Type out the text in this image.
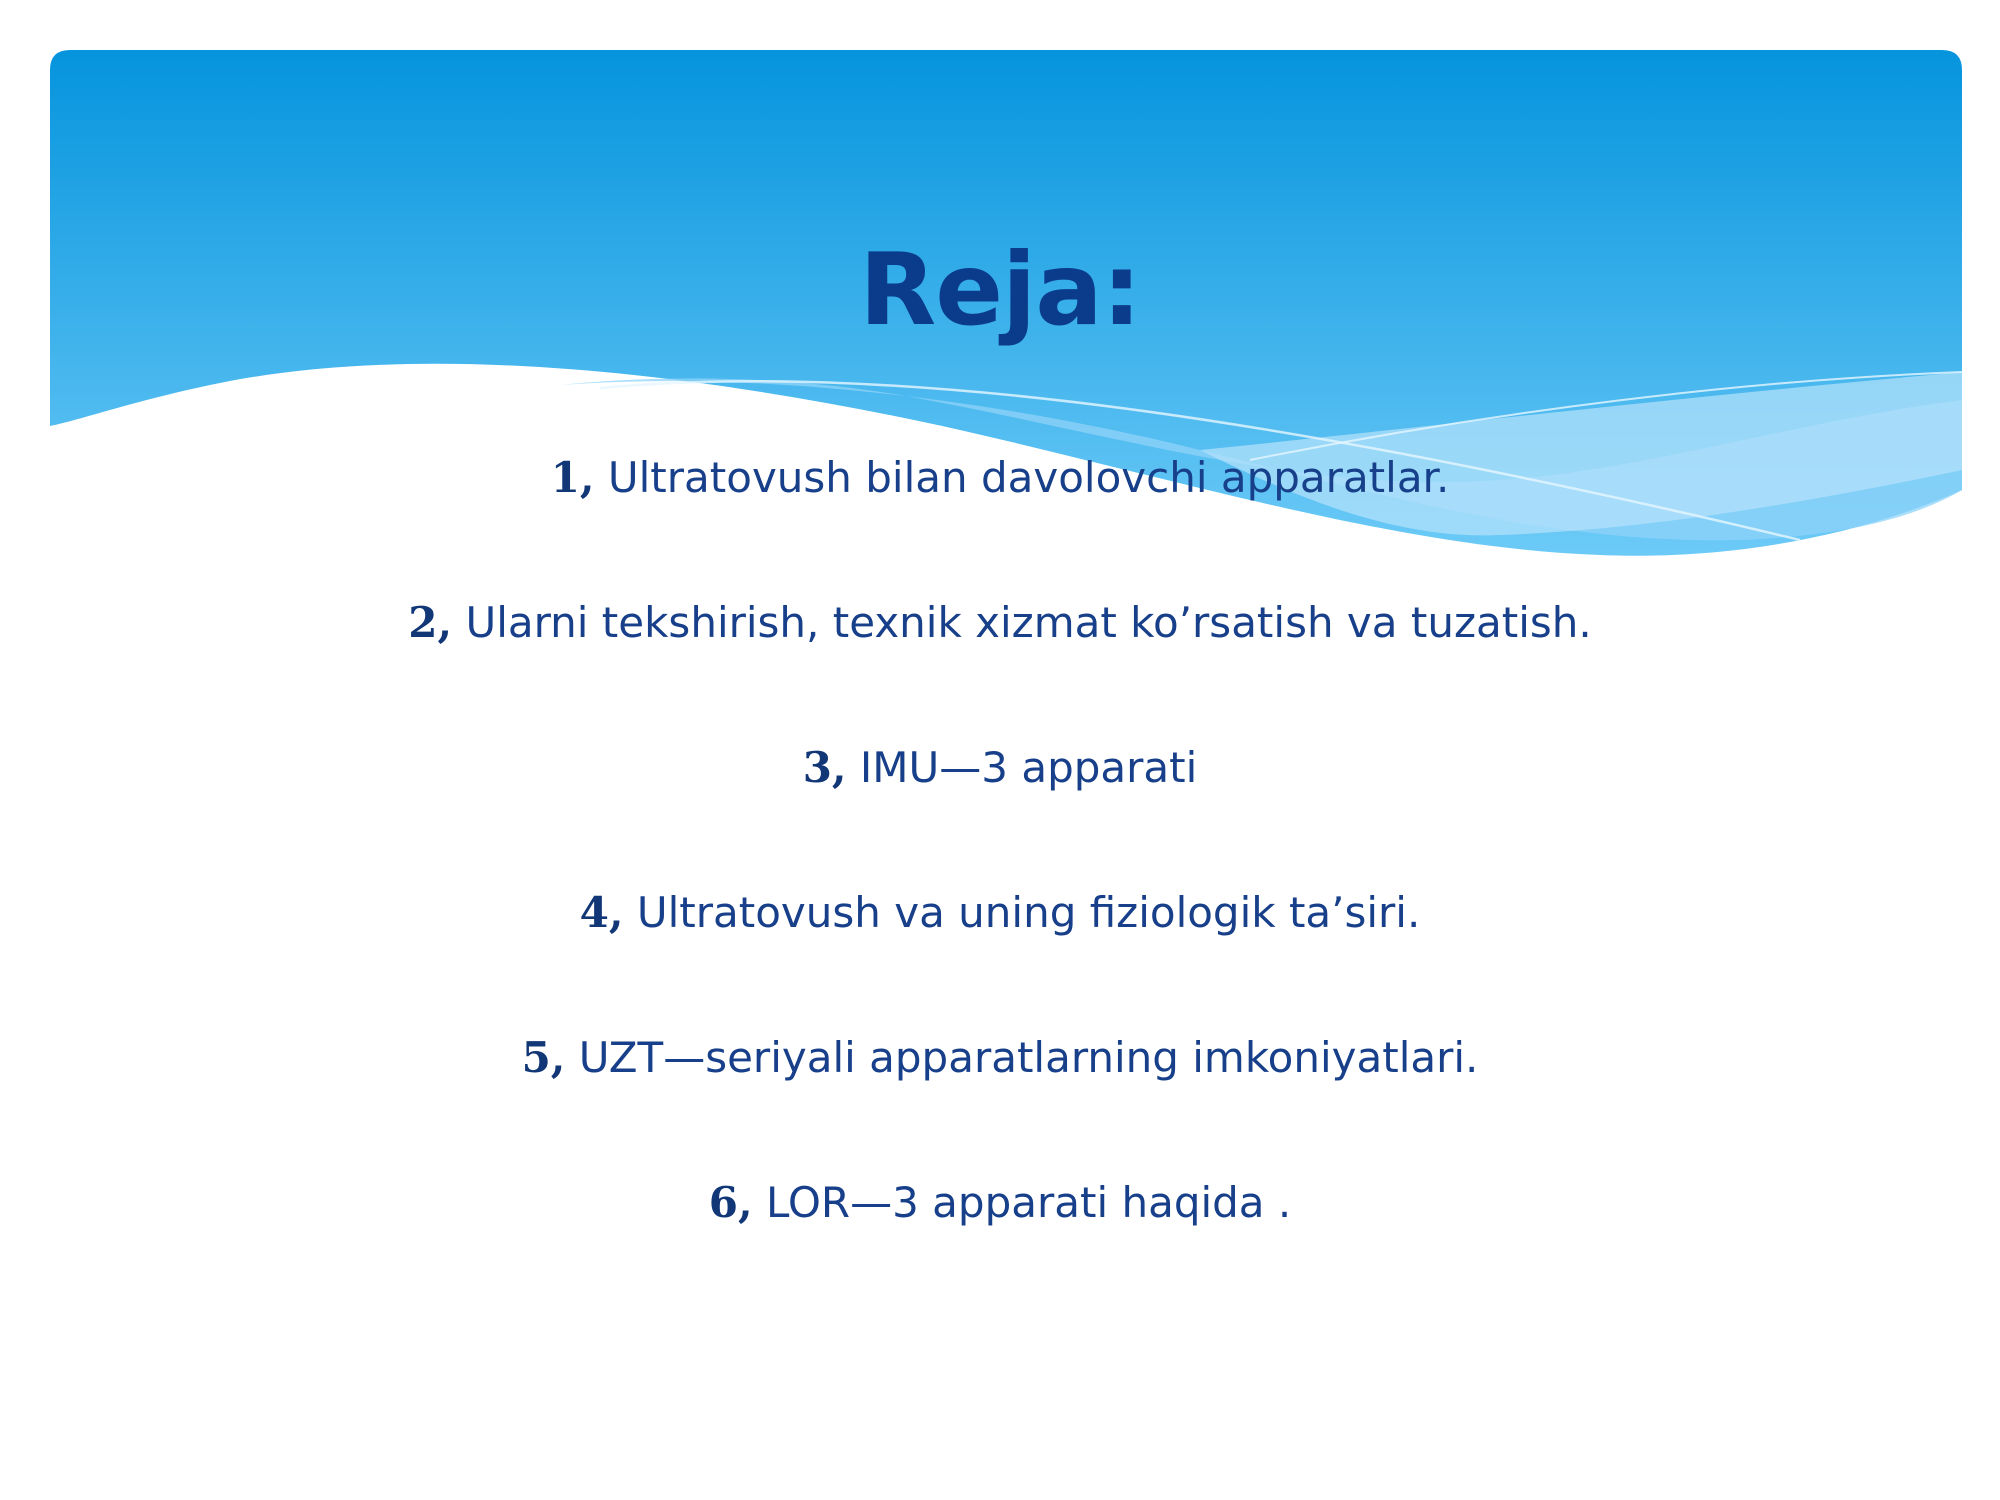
Reja:
1, Ultratovush bilan davolovchi apparatlar.
2, Ularni tekshirish, texnik xizmat ko’rsatish va tuzatish.
3, IMU—3 apparati
4, Ultratovush va uning fiziologik ta’siri.
5, UZT—seriyali apparatlarning imkoniyatlari.
6, LOR—3 apparati haqida .
